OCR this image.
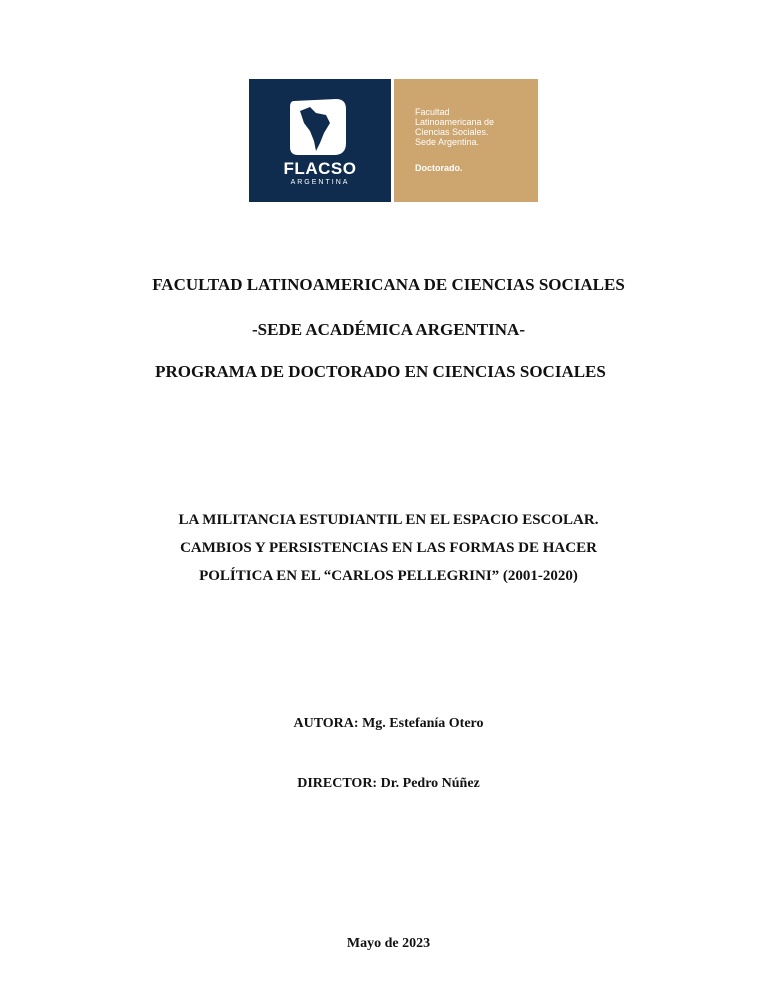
FLACSO
ARGENTINA

Facultad
Latinoamericana de
Ciencias Sociales.
Sede Argentina.

Doctorado.

FACULTAD LATINOAMERICANA DE CIENCIAS SOCIALES

-SEDE ACADÉMICA ARGENTINA-

PROGRAMA DE DOCTORADO EN CIENCIAS SOCIALES

LA MILITANCIA ESTUDIANTIL EN EL ESPACIO ESCOLAR.

CAMBIOS Y PERSISTENCIAS EN LAS FORMAS DE HACER

POLÍTICA EN EL “CARLOS PELLEGRINI” (2001-2020)

AUTORA: Mg. Estefanía Otero

DIRECTOR: Dr. Pedro Núñez

Mayo de 2023
